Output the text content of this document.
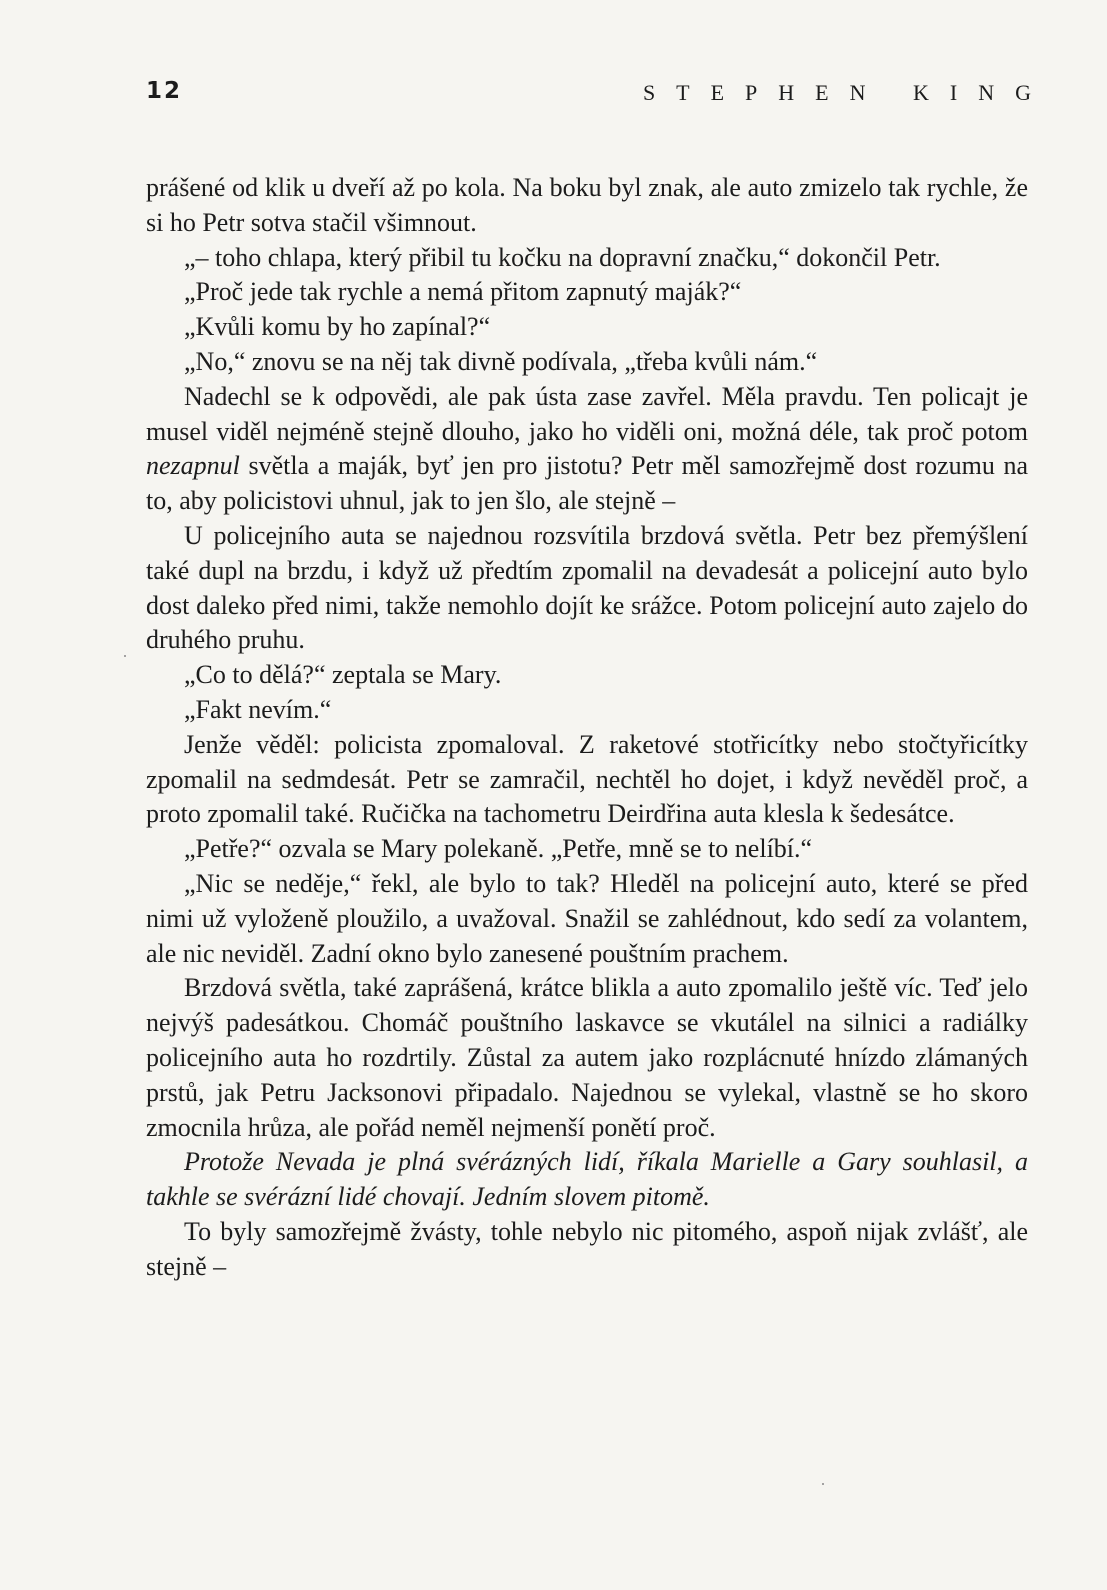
12	STEPHEN KING

prášené od klik u dveří až po kola. Na boku byl znak, ale auto zmizelo tak rychle, že si ho Petr sotva stačil všimnout.

„– toho chlapa, který přibil tu kočku na dopravní značku,“ dokončil Petr.

„Proč jede tak rychle a nemá přitom zapnutý maják?“

„Kvůli komu by ho zapínal?“

„No,“ znovu se na něj tak divně podívala, „třeba kvůli nám.“

Nadechl se k odpovědi, ale pak ústa zase zavřel. Měla pravdu. Ten policajt je musel viděl nejméně stejně dlouho, jako ho viděli oni, možná déle, tak proč potom nezapnul světla a maják, byť jen pro jistotu? Petr měl samozřejmě dost rozumu na to, aby policistovi uhnul, jak to jen šlo, ale stejně –

U policejního auta se najednou rozsvítila brzdová světla. Petr bez přemýšlení také dupl na brzdu, i když už předtím zpomalil na devadesát a policejní auto bylo dost daleko před nimi, takže nemohlo dojít ke srážce. Potom policejní auto zajelo do druhého pruhu.

„Co to dělá?“ zeptala se Mary.

„Fakt nevím.“

Jenže věděl: policista zpomaloval. Z raketové stotřicítky nebo stočtyřicítky zpomalil na sedmdesát. Petr se zamračil, nechtěl ho dojet, i když nevěděl proč, a proto zpomalil také. Ručička na tachometru Deirdřina auta klesla k šedesátce.

„Petře?“ ozvala se Mary polekaně. „Petře, mně se to nelíbí.“

„Nic se neděje,“ řekl, ale bylo to tak? Hleděl na policejní auto, které se před nimi už vyloženě ploužilo, a uvažoval. Snažil se zahlédnout, kdo sedí za volantem, ale nic neviděl. Zadní okno bylo zanesené pouštním prachem.

Brzdová světla, také zaprášená, krátce blikla a auto zpomalilo ještě víc. Teď jelo nejvýš padesátkou. Chomáč pouštního laskavce se vkutálel na silnici a radiálky policejního auta ho rozdrtily. Zůstal za autem jako rozplácnuté hnízdo zlámaných prstů, jak Petru Jacksonovi připadalo. Najednou se vylekal, vlastně se ho skoro zmocnila hrůza, ale pořád neměl nejmenší ponětí proč.

Protože Nevada je plná svérázných lidí, říkala Marielle a Gary souhlasil, a takhle se svérázní lidé chovají. Jedním slovem pitomě.

To byly samozřejmě žvásty, tohle nebylo nic pitomého, aspoň nijak zvlášť, ale stejně –
